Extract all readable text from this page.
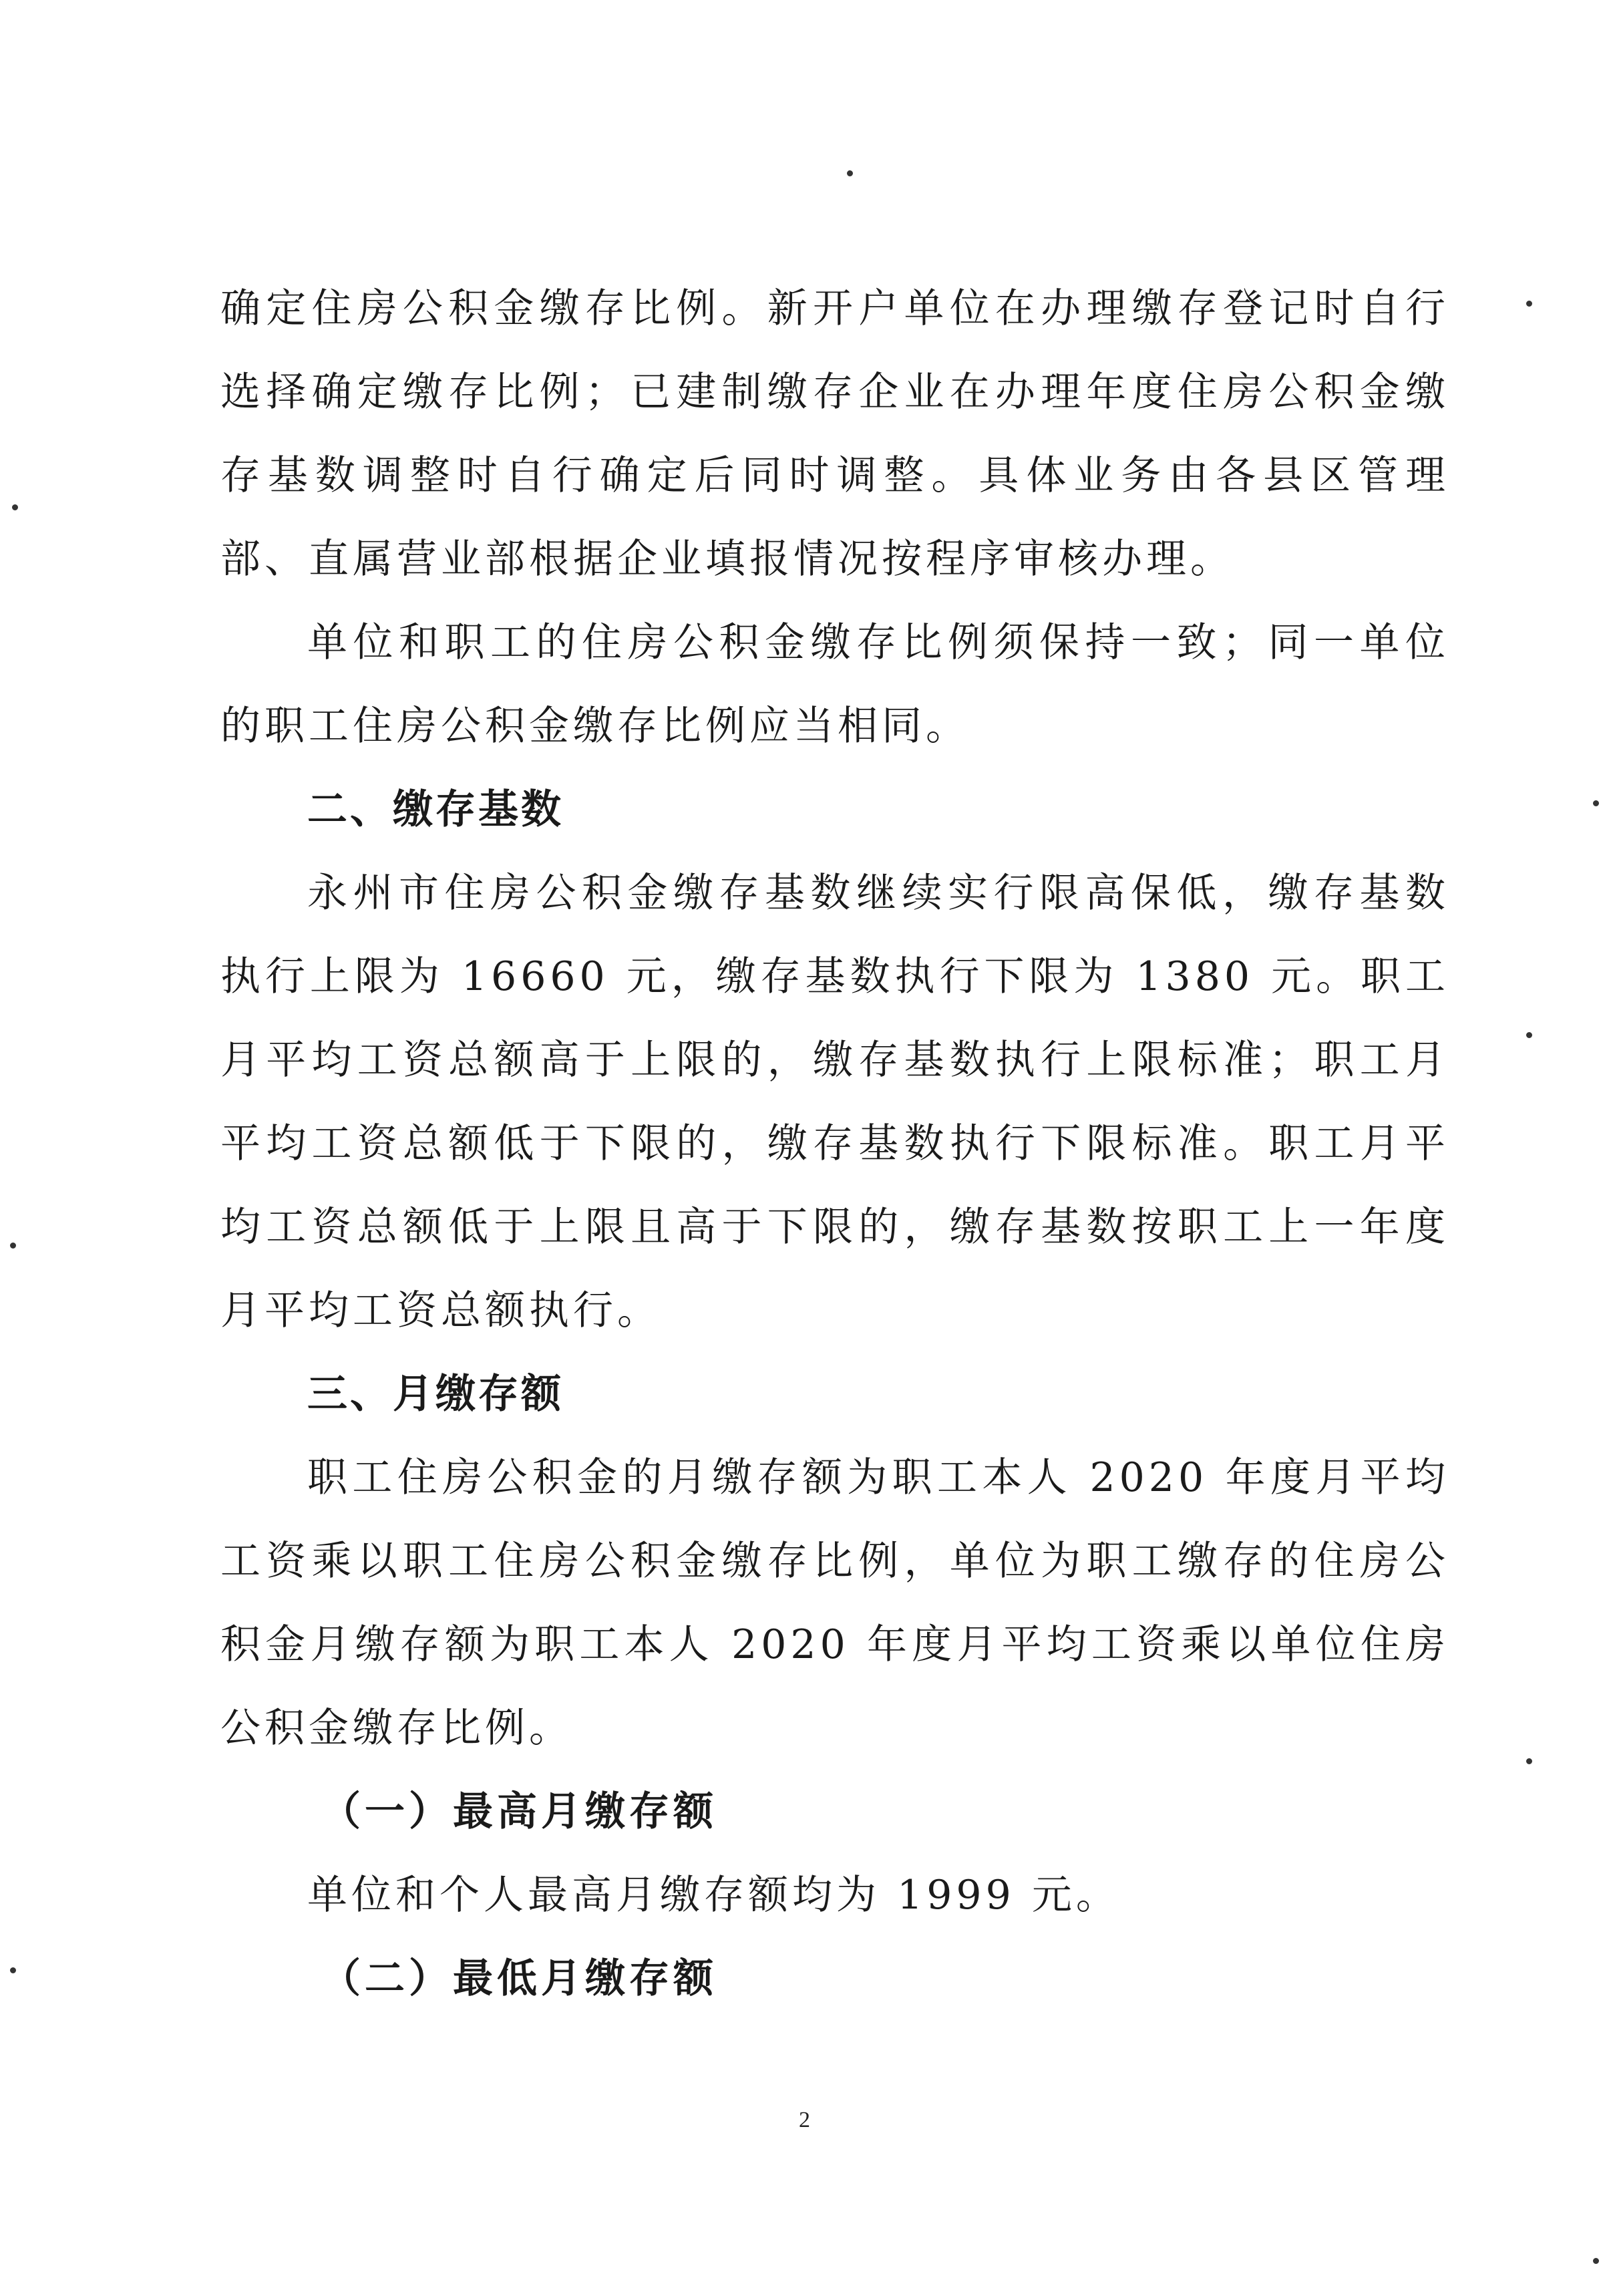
确定住房公积金缴存比例。新开户单位在办理缴存登记时自行选择确定缴存比例；已建制缴存企业在办理年度住房公积金缴存基数调整时自行确定后同时调整。具体业务由各县区管理部、直属营业部根据企业填报情况按程序审核办理。

单位和职工的住房公积金缴存比例须保持一致；同一单位的职工住房公积金缴存比例应当相同。

二、缴存基数

永州市住房公积金缴存基数继续实行限高保低，缴存基数执行上限为 16660 元，缴存基数执行下限为 1380 元。职工月平均工资总额高于上限的，缴存基数执行上限标准；职工月平均工资总额低于下限的，缴存基数执行下限标准。职工月平均工资总额低于上限且高于下限的，缴存基数按职工上一年度月平均工资总额执行。

三、月缴存额

职工住房公积金的月缴存额为职工本人 2020 年度月平均工资乘以职工住房公积金缴存比例，单位为职工缴存的住房公积金月缴存额为职工本人 2020 年度月平均工资乘以单位住房公积金缴存比例。

（一）最高月缴存额

单位和个人最高月缴存额均为 1999 元。

（二）最低月缴存额
2
